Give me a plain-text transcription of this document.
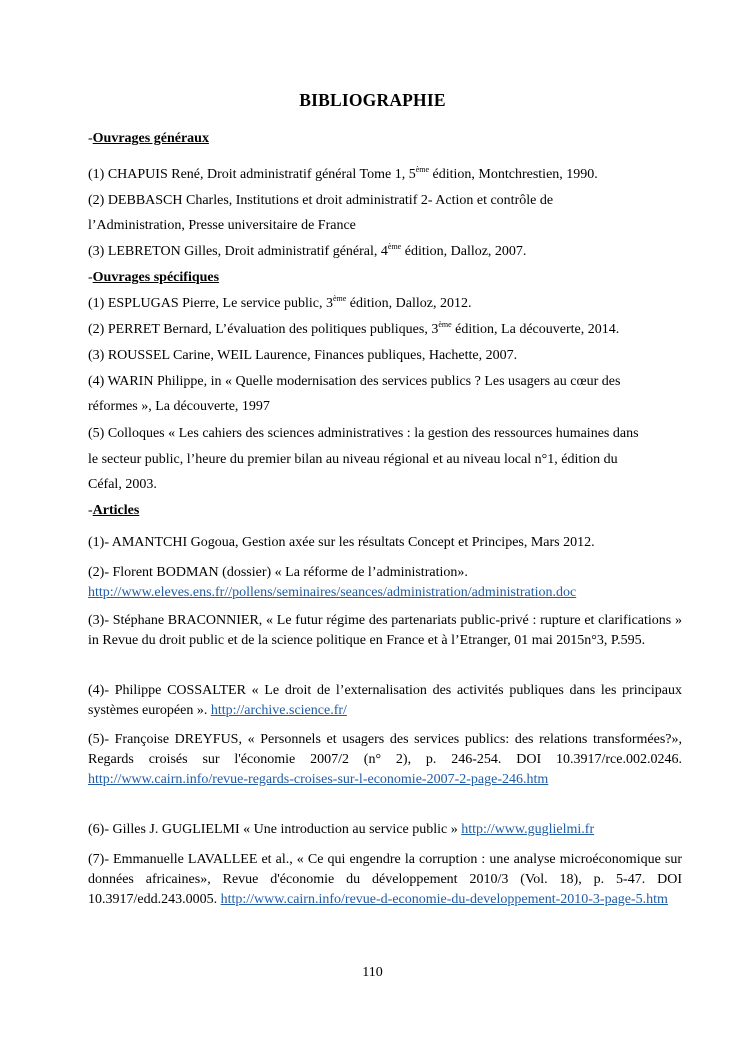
BIBLIOGRAPHIE
-Ouvrages généraux
(1) CHAPUIS René, Droit administratif général Tome 1, 5ème édition, Montchrestien, 1990.
(2) DEBBASCH Charles, Institutions et droit administratif 2- Action et contrôle de
l’Administration, Presse universitaire de France
(3) LEBRETON Gilles, Droit administratif général, 4ème édition, Dalloz, 2007.
-Ouvrages spécifiques
(1) ESPLUGAS Pierre, Le service public, 3ème édition, Dalloz, 2012.
(2) PERRET Bernard, L’évaluation des politiques publiques, 3ème édition, La découverte, 2014.
(3) ROUSSEL Carine, WEIL Laurence, Finances publiques, Hachette, 2007.
(4) WARIN Philippe, in « Quelle modernisation des services publics ? Les usagers au cœur des
réformes », La découverte, 1997
(5) Colloques « Les cahiers des sciences administratives : la gestion des ressources humaines dans
le secteur public, l’heure du premier bilan au niveau régional et au niveau local n°1, édition du
Céfal, 2003.
-Articles
(1)- AMANTCHI Gogoua, Gestion axée sur les résultats Concept et Principes, Mars 2012.
(2)- Florent BODMAN (dossier) « La réforme de l’administration».
http://www.eleves.ens.fr//pollens/seminaires/seances/administration/administration.doc
(3)- Stéphane BRACONNIER, « Le futur régime des partenariats public-privé : rupture et clarifications » in Revue du droit public et de la science politique en France et à l’Etranger, 01 mai 2015n°3, P.595.
(4)- Philippe COSSALTER « Le droit de l’externalisation des activités publiques dans les principaux systèmes européen ». http://archive.science.fr/
(5)- Françoise DREYFUS, « Personnels et usagers des services publics: des relations transformées?», Regards croisés sur l'économie 2007/2 (n° 2), p. 246-254. DOI 10.3917/rce.002.0246. http://www.cairn.info/revue-regards-croises-sur-l-economie-2007-2-page-246.htm
(6)- Gilles J. GUGLIELMI « Une introduction au service public » http://www.guglielmi.fr
(7)- Emmanuelle LAVALLEE et al., « Ce qui engendre la corruption : une analyse microéconomique sur données africaines», Revue d'économie du développement 2010/3 (Vol. 18), p. 5-47. DOI 10.3917/edd.243.0005. http://www.cairn.info/revue-d-economie-du-developpement-2010-3-page-5.htm
110
